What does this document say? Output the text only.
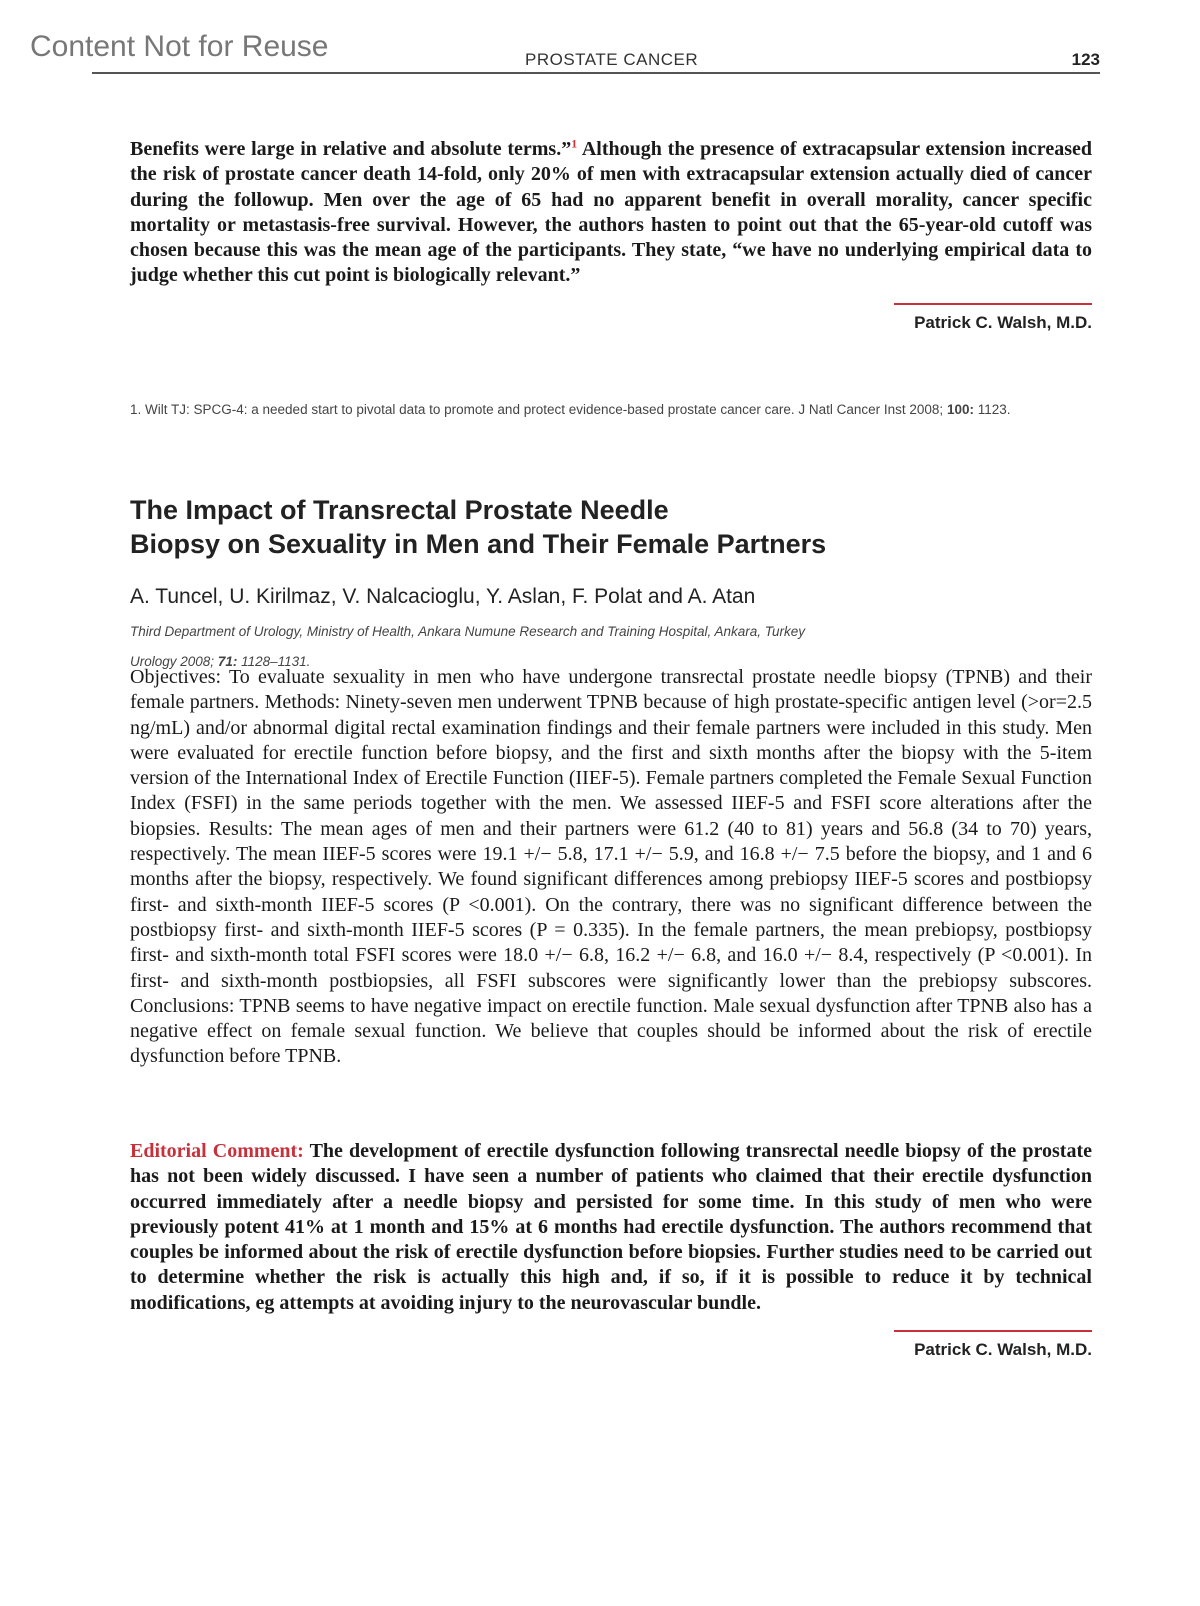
Content Not for Reuse	PROSTATE CANCER	123

Benefits were large in relative and absolute terms.”$^1$ Although the presence of extracapsular extension increased the risk of prostate cancer death 14-fold, only 20% of men with extracapsular extension actually died of cancer during the followup. Men over the age of 65 had no apparent benefit in overall morality, cancer specific mortality or metastasis-free survival. However, the authors hasten to point out that the 65-year-old cutoff was chosen because this was the mean age of the participants. They state, “we have no underlying empirical data to judge whether this cut point is biologically relevant.”

Patrick C. Walsh, M.D.
1. Wilt TJ: SPCG-4: a needed start to pivotal data to promote and protect evidence-based prostate cancer care. J Natl Cancer Inst 2008; 100: 1123.
The Impact of Transrectal Prostate Needle
Biopsy on Sexuality in Men and Their Female Partners
A. Tuncel, U. Kirilmaz, V. Nalcacioglu, Y. Aslan, F. Polat and A. Atan
Third Department of Urology, Ministry of Health, Ankara Numune Research and Training Hospital, Ankara, Turkey
Urology 2008; 71: 1128–1131.

Objectives: To evaluate sexuality in men who have undergone transrectal prostate needle biopsy (TPNB) and their female partners. Methods: Ninety-seven men underwent TPNB because of high prostate-specific antigen level (>or=2.5 ng/mL) and/or abnormal digital rectal examination findings and their female partners were included in this study. Men were evaluated for erectile function before biopsy, and the first and sixth months after the biopsy with the 5-item version of the International Index of Erectile Function (IIEF-5). Female partners completed the Female Sexual Function Index (FSFI) in the same periods together with the men. We assessed IIEF-5 and FSFI score alterations after the biopsies. Results: The mean ages of men and their partners were 61.2 (40 to 81) years and 56.8 (34 to 70) years, respectively. The mean IIEF-5 scores were 19.1 +/− 5.8, 17.1 +/− 5.9, and 16.8 +/− 7.5 before the biopsy, and 1 and 6 months after the biopsy, respectively. We found significant differences among prebiopsy IIEF-5 scores and postbiopsy first- and sixth-month IIEF-5 scores (P <0.001). On the contrary, there was no significant difference between the postbiopsy first- and sixth-month IIEF-5 scores (P = 0.335). In the female partners, the mean prebiopsy, postbiopsy first- and sixth-month total FSFI scores were 18.0 +/− 6.8, 16.2 +/− 6.8, and 16.0 +/− 8.4, respectively (P <0.001). In first- and sixth-month postbiopsies, all FSFI subscores were significantly lower than the prebiopsy subscores. Conclusions: TPNB seems to have negative impact on erectile function. Male sexual dysfunction after TPNB also has a negative effect on female sexual function. We believe that couples should be informed about the risk of erectile dysfunction before TPNB.

Editorial Comment: The development of erectile dysfunction following transrectal needle biopsy of the prostate has not been widely discussed. I have seen a number of patients who claimed that their erectile dysfunction occurred immediately after a needle biopsy and persisted for some time. In this study of men who were previously potent 41% at 1 month and 15% at 6 months had erectile dysfunction. The authors recommend that couples be informed about the risk of erectile dysfunction before biopsies. Further studies need to be carried out to determine whether the risk is actually this high and, if so, if it is possible to reduce it by technical modifications, eg attempts at avoiding injury to the neurovascular bundle.

Patrick C. Walsh, M.D.
